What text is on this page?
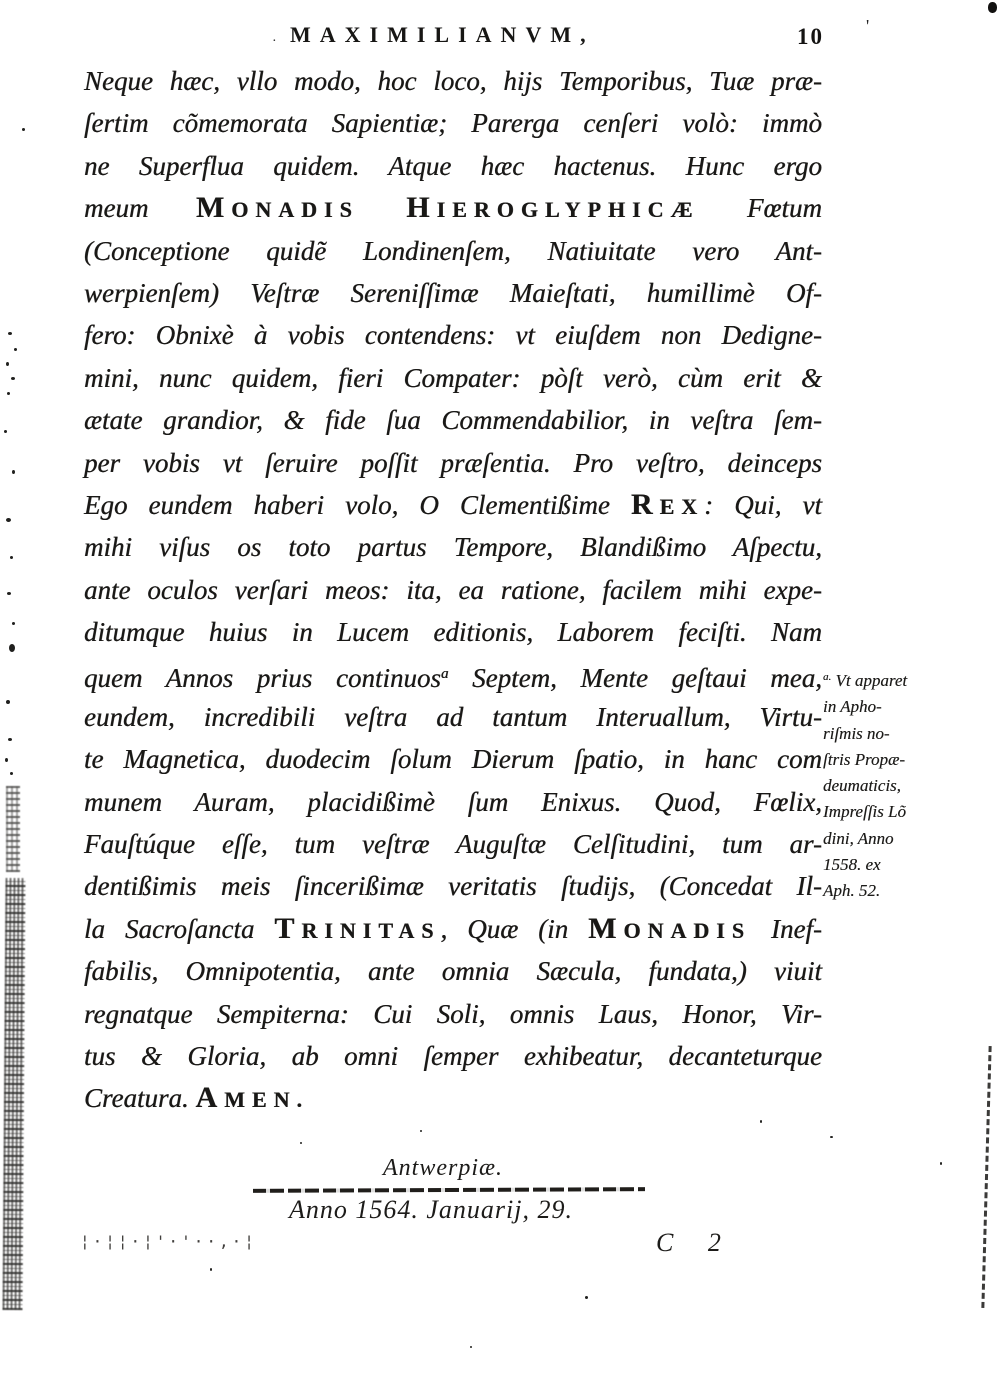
· MAXIMILIANVM,	10 '
Neque hæc, vllo modo, hoc loco, hijs Temporibus, Tuæ præ-
ſertim cõmemorata Sapientiæ; Parerga cenſeri volò: immò
ne Superflua quidem. Atque hæc hactenus. Hunc ergo
meum MONADIS HIEROGLYPHICÆ Fœtum
(Conceptione quidẽ Londinenſem, Natiuitate vero Ant-
werpienſem) Veſtræ Sereniſſimæ Maieſtati, humillimè Of-
fero: Obnixè à vobis contendens: vt eiuſdem non Dedigne-
mini, nunc quidem, fieri Compater: pòſt verò, cùm erit &
ætate grandior, & fide ſua Commendabilior, in veſtra ſem-
per vobis vt ſeruire poſſit præſentia. Pro veſtro, deinceps
Ego eundem haberi volo, O Clementißime REX: Qui, vt
mihi viſus os toto partus Tempore, Blandißimo Aſpectu,
ante oculos verſari meos: ita, ea ratione, facilem mihi expe-
ditumque huius in Lucem editionis, Laborem feciſti. Nam
quem Annos prius continuos$^a$ Septem, Mente geſtaui mea,
eundem, incredibili veſtra ad tantum Interuallum, Virtu-
te Magnetica, duodecim ſolum Dierum ſpatio, in hanc com
munem Auram, placidißimè ſum Enixus. Quod, Fœlix,
Fauſtúque eſſe, tum veſtræ Auguſtæ Celſitudini, tum ar-
dentißimis meis ſincerißimæ veritatis ſtudijs, (Concedat Il-
la Sacroſancta TRINITAS, Quæ (in MONADIS Inef-
fabilis, Omnipotentia, ante omnia Sæcula, fundata,) viuit
regnatque Sempiterna: Cui Soli, omnis Laus, Honor, Vir-
tus & Gloria, ab omni ſemper exhibeatur, decanteturque
Creatura. AMEN.
$^{a.}$ Vt apparet
in Apho-
riſmis no-
ſtris Propæ-
deumaticis,
Impreſſis Lõ
dini, Anno
1558. ex
Aph. 52.
Antwerpiæ.
Anno 1564. Januarij, 29.
C 2
¦·¦¦·¦'·'··,·¦
